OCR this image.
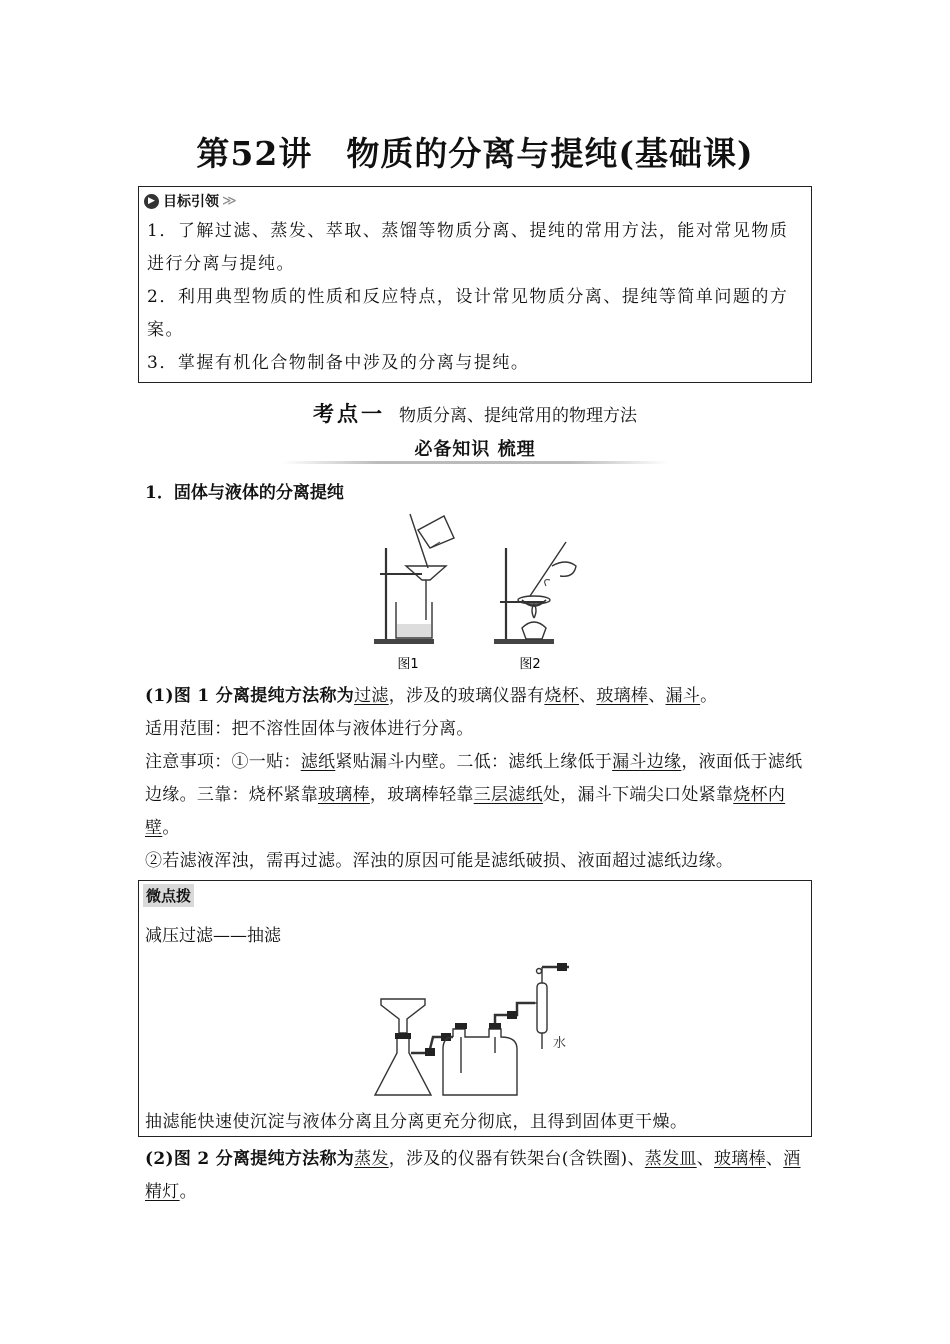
第52讲 物质的分离与提纯(基础课)
▶ 目标引领 ≫
1．了解过滤、蒸发、萃取、蒸馏等物质分离、提纯的常用方法，能对常见物质进行分离与提纯。
2．利用典型物质的性质和反应特点，设计常见物质分离、提纯等简单问题的方案。
3．掌握有机化合物制备中涉及的分离与提纯。
考点一 物质分离、提纯常用的物理方法
必备知识 梳理
1．固体与液体的分离提纯
图1	图2
(1)图 1 分离提纯方法称为过滤，涉及的玻璃仪器有烧杯、玻璃棒、漏斗。
适用范围：把不溶性固体与液体进行分离。
注意事项：①一贴：滤纸紧贴漏斗内壁。二低：滤纸上缘低于漏斗边缘，液面低于滤纸边缘。三靠：烧杯紧靠玻璃棒，玻璃棒轻靠三层滤纸处，漏斗下端尖口处紧靠烧杯内壁。
②若滤液浑浊，需再过滤。浑浊的原因可能是滤纸破损、液面超过滤纸边缘。
微点拨
减压过滤——抽滤
水
抽滤能快速使沉淀与液体分离且分离更充分彻底，且得到固体更干燥。
(2)图 2 分离提纯方法称为蒸发，涉及的仪器有铁架台(含铁圈)、蒸发皿、玻璃棒、酒精灯。
